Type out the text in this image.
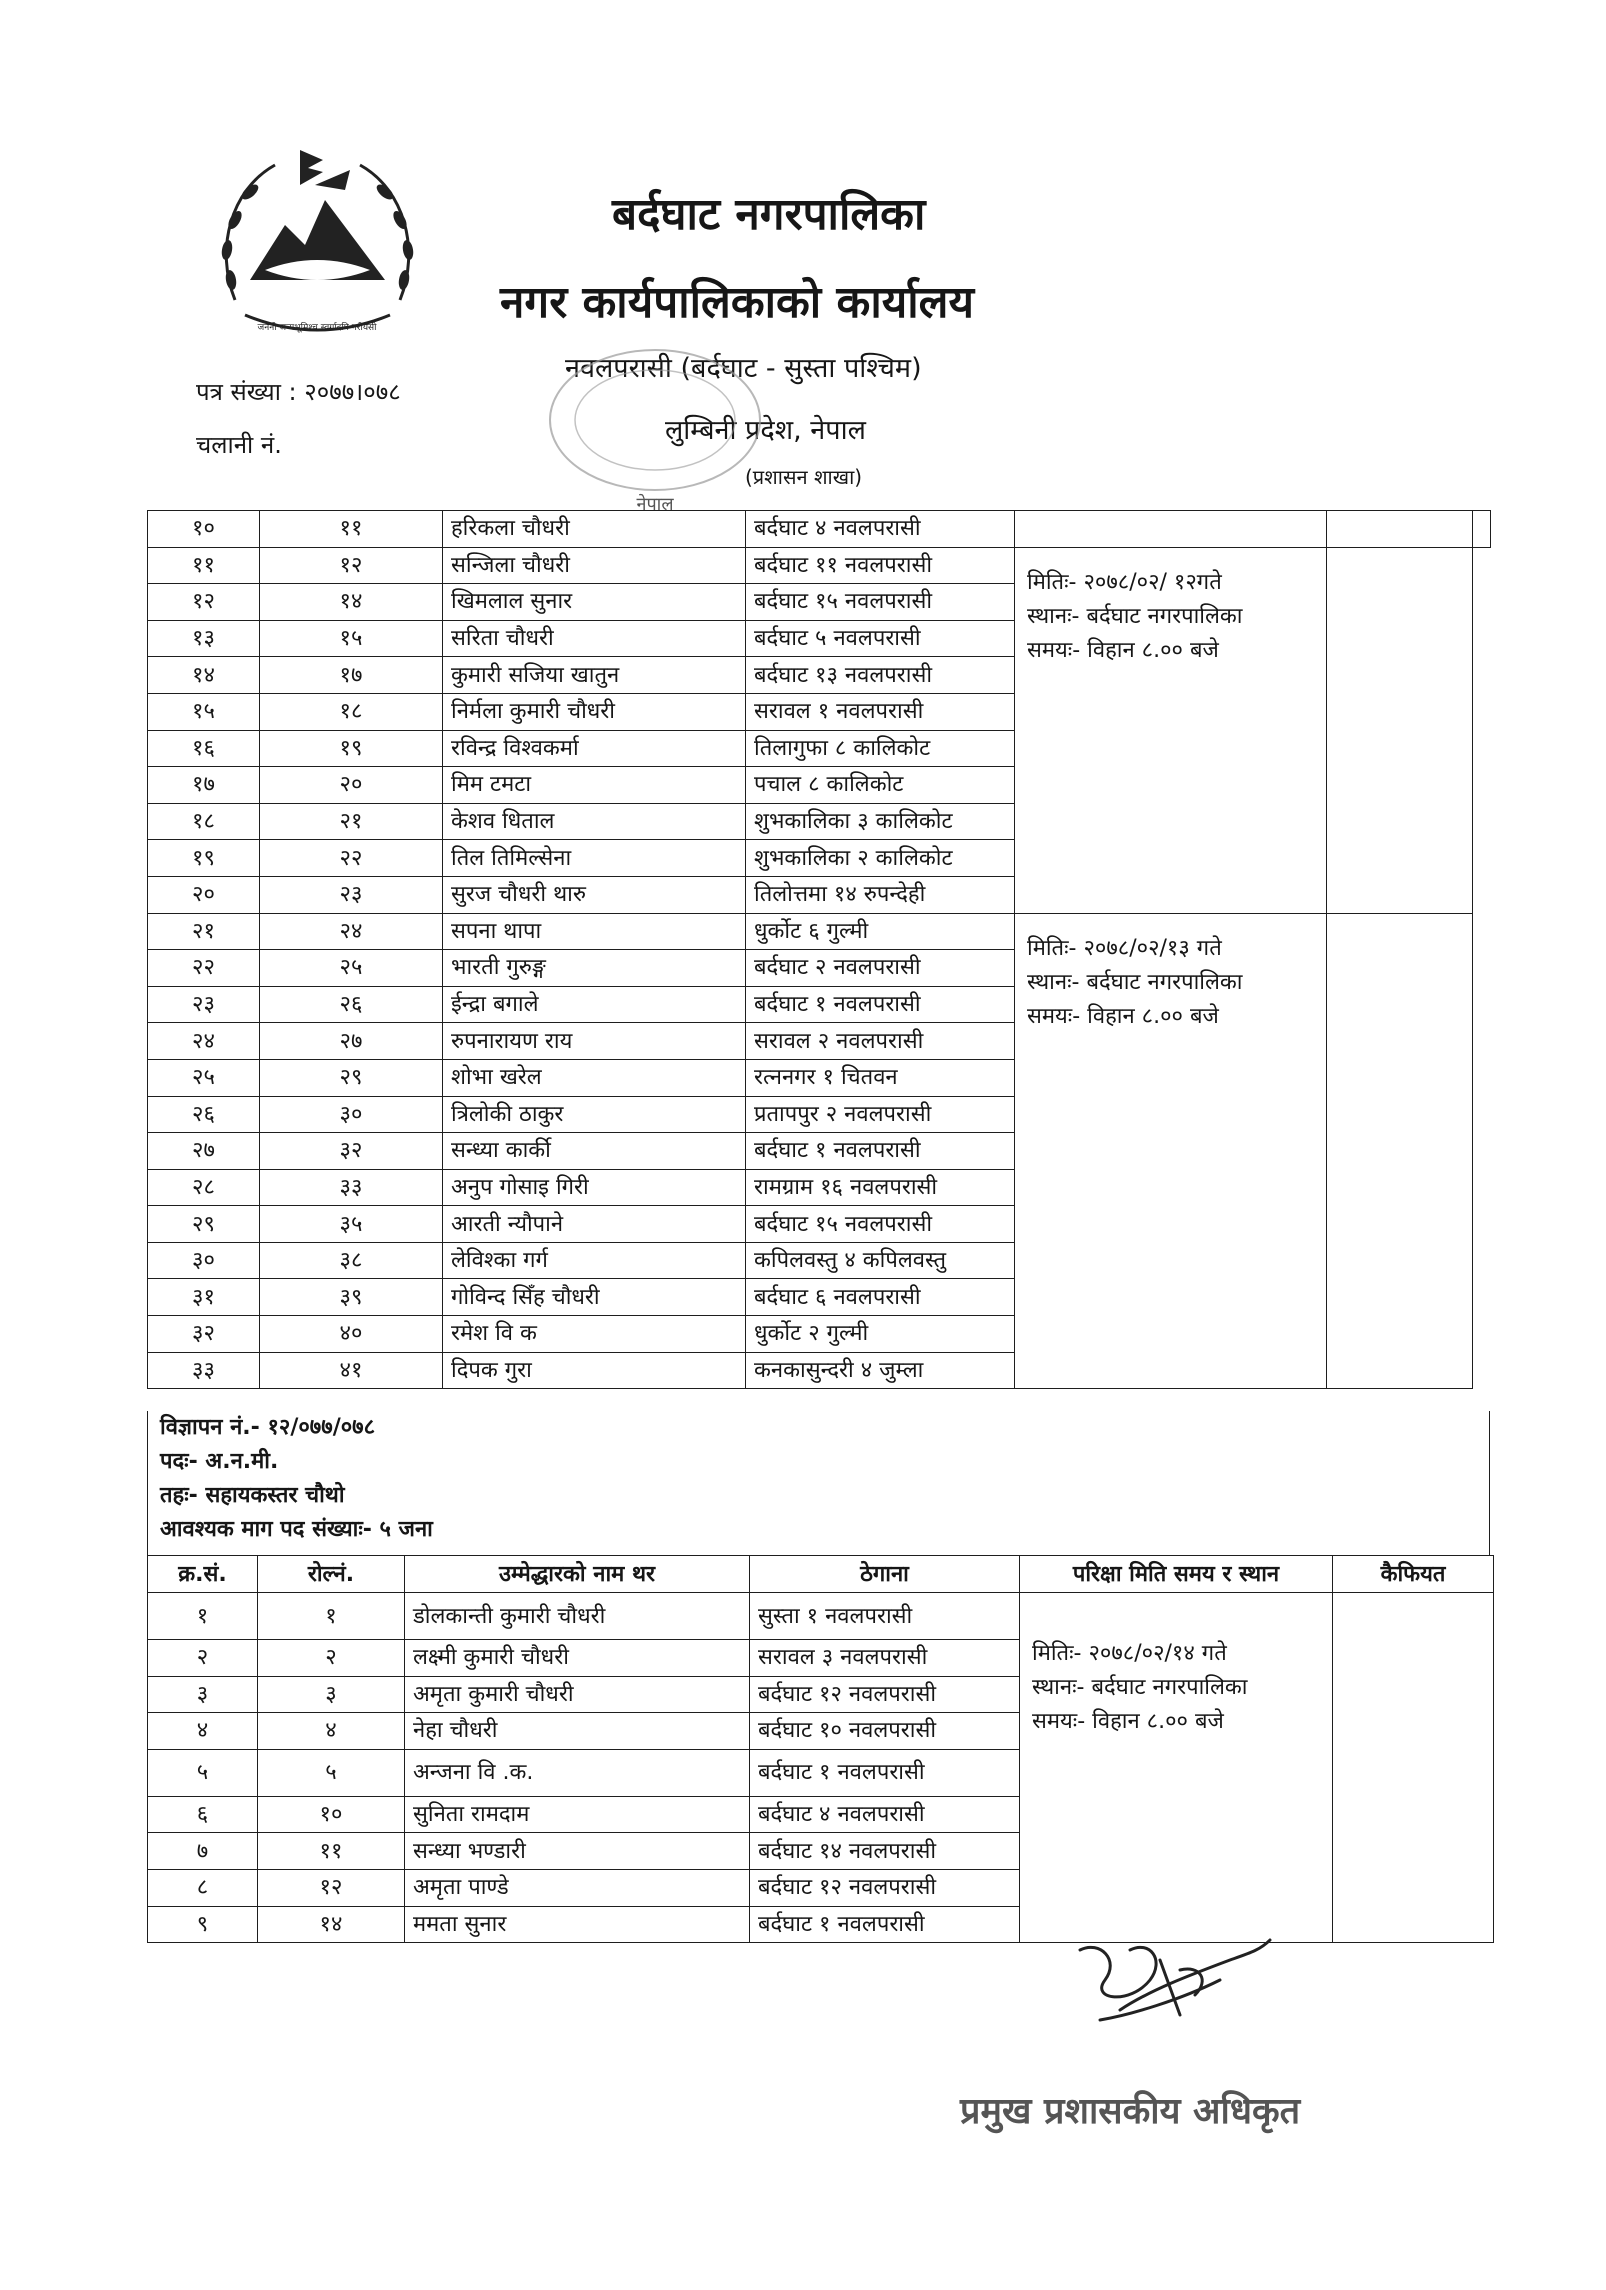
जननी जन्मभूमिश्च स्वर्गादपि गरीयसी
बर्दघाट नगरपालिका
नगर कार्यपालिकाको कार्यालय
नवलपरासी (बर्दघाट - सुस्ता पश्चिम)
लुम्बिनी प्रदेश, नेपाल
(प्रशासन शाखा)
पत्र संख्या : २०७७।०७८
चलानी नं.
नेपाल
१०	११	हरिकला चौधरी	बर्दघाट ४ नवलपरासी			
११	१२	सन्जिला चौधरी	बर्दघाट ११ नवलपरासी	मितिः- २०७८/०२/ १२गते
स्थानः- बर्दघाट नगरपालिका
समयः- विहान ८.०० बजे		
१२	१४	खिमलाल सुनार	बर्दघाट १५ नवलपरासी			
१३	१५	सरिता चौधरी	बर्दघाट ५ नवलपरासी			
१४	१७	कुमारी सजिया खातुन	बर्दघाट १३ नवलपरासी			
१५	१८	निर्मला कुमारी चौधरी	सरावल १ नवलपरासी			
१६	१९	रविन्द्र विश्वकर्मा	तिलागुफा ८ कालिकोट			
१७	२०	मिम टमटा	पचाल ८ कालिकोट			
१८	२१	केशव धिताल	शुभकालिका ३ कालिकोट			
१९	२२	तिल तिमिल्सेना	शुभकालिका २ कालिकोट			
२०	२३	सुरज चौधरी थारु	तिलोत्तमा १४ रुपन्देही			
२१	२४	सपना थापा	धुर्कोट ६ गुल्मी	मितिः- २०७८/०२/१३ गते
स्थानः- बर्दघाट नगरपालिका
समयः- विहान ८.०० बजे		
२२	२५	भारती गुरुङ्ग	बर्दघाट २ नवलपरासी			
२३	२६	ईन्द्रा बगाले	बर्दघाट १ नवलपरासी			
२४	२७	रुपनारायण राय	सरावल २ नवलपरासी			
२५	२९	शोभा खरेल	रत्ननगर १ चितवन			
२६	३०	त्रिलोकी ठाकुर	प्रतापपुर २ नवलपरासी			
२७	३२	सन्ध्या कार्की	बर्दघाट १ नवलपरासी			
२८	३३	अनुप गोसाइ गिरी	रामग्राम १६ नवलपरासी			
२९	३५	आरती न्यौपाने	बर्दघाट १५ नवलपरासी			
३०	३८	लेविश्का गर्ग	कपिलवस्तु ४ कपिलवस्तु			
३१	३९	गोविन्द सिँह चौधरी	बर्दघाट ६ नवलपरासी			
३२	४०	रमेश वि क	धुर्कोट २ गुल्मी			
३३	४१	दिपक गुरा	कनकासुन्दरी ४ जुम्ला			
विज्ञापन नं.- १२/०७७/०७८
पदः- अ.न.मी.
तहः- सहायकस्तर चौथो
आवश्यक माग पद संख्याः- ५ जना
क्र.सं.	रोल्नं.	उम्मेद्धारको नाम थर	ठेगाना	परिक्षा मिति समय र स्थान	कैफियत
१	१	डोलकान्ती कुमारी चौधरी	सुस्ता १ नवलपरासी	मितिः- २०७८/०२/१४ गते
स्थानः- बर्दघाट नगरपालिका
समयः- विहान ८.०० बजे	
२	२	लक्ष्मी कुमारी चौधरी	सरावल ३ नवलपरासी		
३	३	अमृता कुमारी चौधरी	बर्दघाट १२ नवलपरासी		
४	४	नेहा चौधरी	बर्दघाट १० नवलपरासी		
५	५	अन्जना वि .क.	बर्दघाट १ नवलपरासी		
६	१०	सुनिता रामदाम	बर्दघाट ४ नवलपरासी		
७	११	सन्ध्या भण्डारी	बर्दघाट १४ नवलपरासी		
८	१२	अमृता पाण्डे	बर्दघाट १२ नवलपरासी		
९	१४	ममता सुनार	बर्दघाट १ नवलपरासी		
प्रमुख प्रशासकीय अधिकृत
